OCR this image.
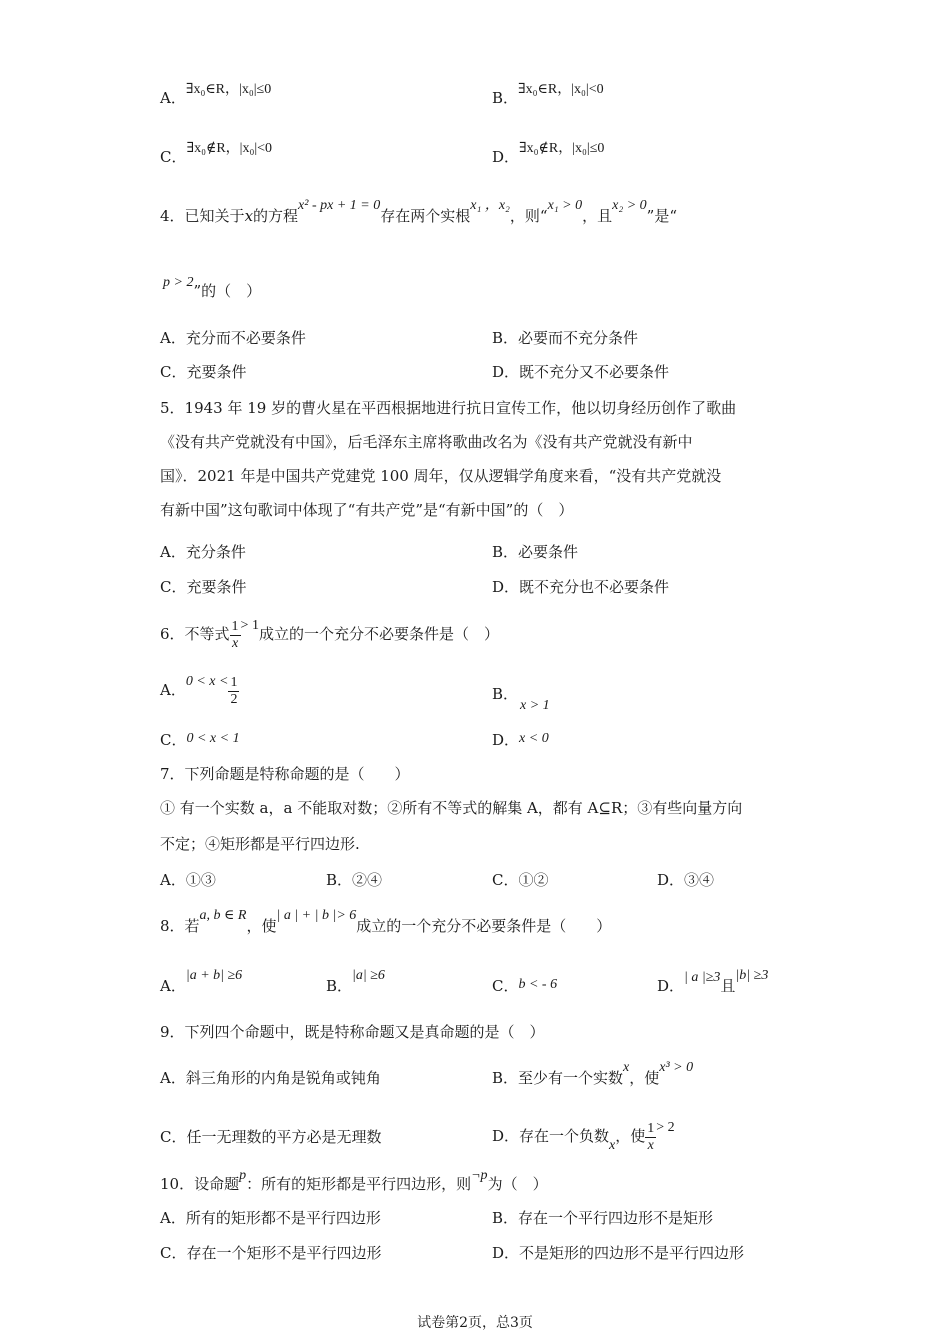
A．∃x₀∈R，|x₀|≤0	B．∃x₀∈R，|x₀|<0
C．∃x₀∉R，|x₀|<0	D．∃x₀∉R，|x₀|≤0
4．已知关于x的方程x² - px + 1 = 0存在两个实根x₁ ，x₂，则“x₁ > 0，且x₂ > 0”是“
p > 2”的（　）
A．充分而不必要条件	B．必要而不充分条件
C．充要条件	D．既不充分又不必要条件
5．1943 年 19 岁的曹火星在平西根据地进行抗日宣传工作，他以切身经历创作了歌曲
《没有共产党就没有中国》，后毛泽东主席将歌曲改名为《没有共产党就没有新中
国》．2021 年是中国共产党建党 100 周年，仅从逻辑学角度来看，“没有共产党就没
有新中国”这句歌词中体现了“有共产党”是“有新中国”的（　）
A．充分条件	B．必要条件
C．充要条件	D．既不充分也不必要条件
6．不等式 $\frac{1}{x} > 1$成立的一个充分不必要条件是（　）
A．$0 < x < \frac{1}{2}$	B．
x > 1
C．0 < x < 1	D．x < 0
7．下列命题是特称命题的是（　　）
① 有一个实数 a，a 不能取对数；②所有不等式的解集 A，都有 A⊆R；③有些向量方向
不定；④矩形都是平行四边形.
A．①③	B．②④	C．①②	D．③④
8．若a, b ∈ R，使| a | + | b |> 6成立的一个充分不必要条件是（　　）
A．|a + b| ≥6
B．|a| ≥6
C．b < - 6	D．| a |≥3且|b| ≥3
9．下列四个命题中，既是特称命题又是真命题的是（　）
A．斜三角形的内角是锐角或钝角	B．至少有一个实数x，使x³ > 0
C．任一无理数的平方必是无理数	D．存在一个负数x，使 $\frac{1}{x} > 2$
10．设命题p：所有的矩形都是平行四边形，则¬p为（　）
A．所有的矩形都不是平行四边形	B．存在一个平行四边形不是矩形
C．存在一个矩形不是平行四边形	D．不是矩形的四边形不是平行四边形
试卷第2页，总3页
